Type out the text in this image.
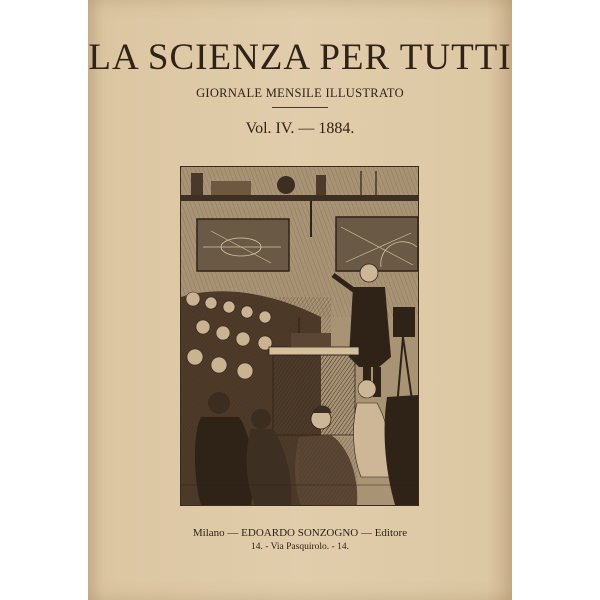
LA SCIENZA PER TUTTI
GIORNALE MENSILE ILLUSTRATO
Vol. IV. — 1884.
Milano — EDOARDO SONZOGNO — Editore
14. - Via Pasquirolo. - 14.
